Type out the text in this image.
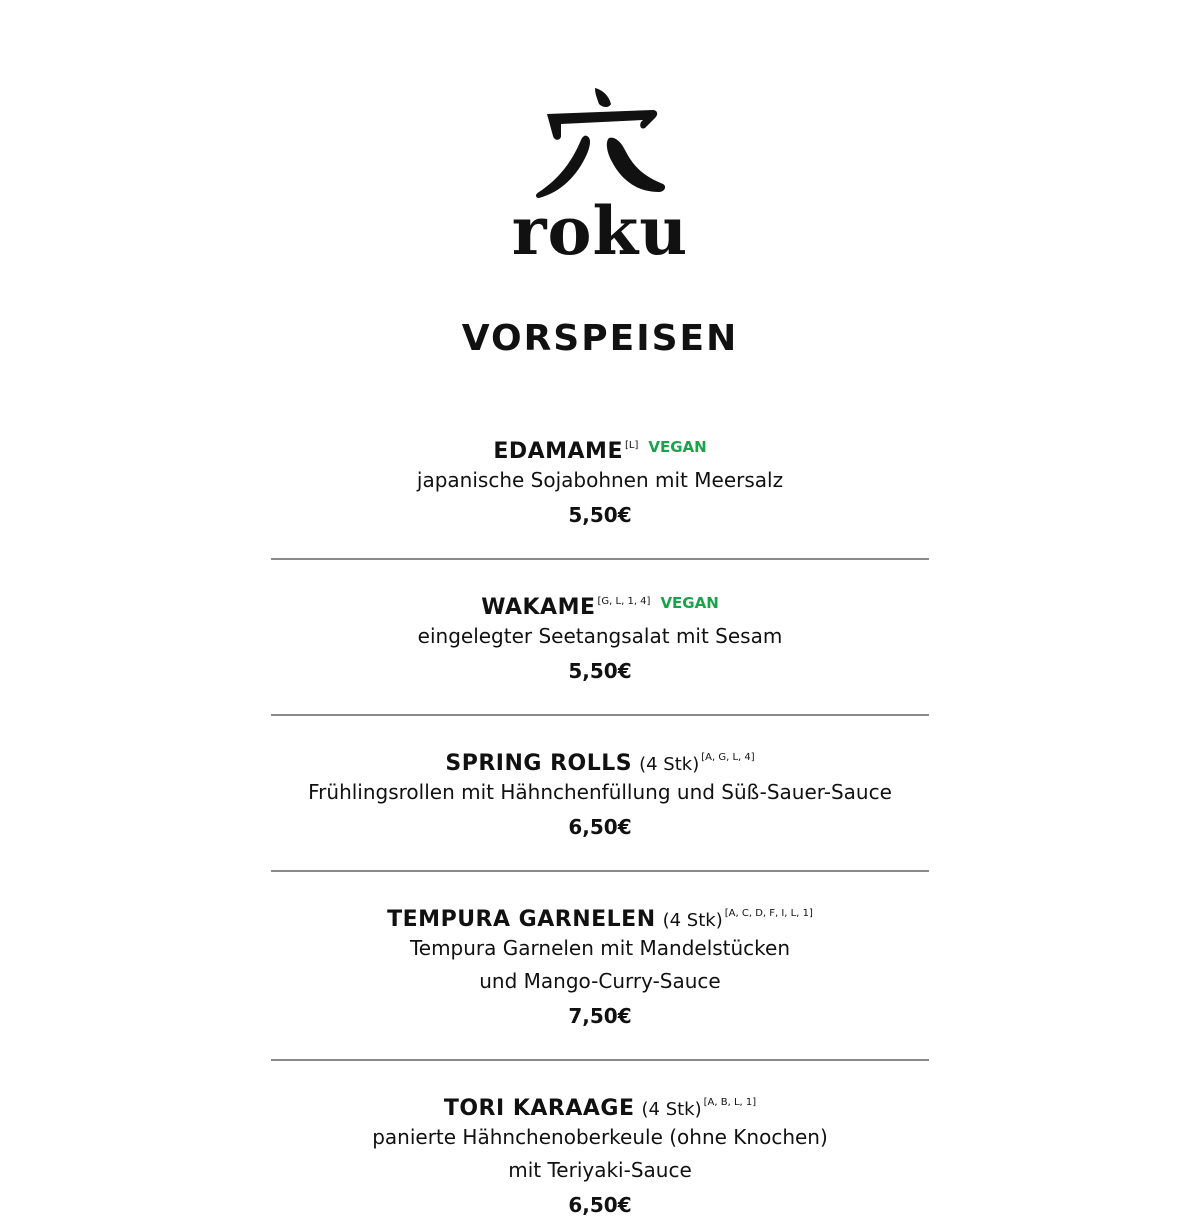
roku
VORSPEISEN
EDAMAME [L] $^{VEGAN}$
japanische Sojabohnen mit Meersalz
5,50€
WAKAME [G, L, 1, 4] $^{VEGAN}$
eingelegter Seetangsalat mit Sesam
5,50€
SPRING ROLLS (4 Stk) [A, G, L, 4]
Frühlingsrollen mit Hähnchenfüllung und Süß-Sauer-Sauce
6,50€
TEMPURA GARNELEN (4 Stk) [A, C, D, F, I, L, 1]
Tempura Garnelen mit Mandelstücken
und Mango-Curry-Sauce
7,50€
TORI KARAAGE (4 Stk) [A, B, L, 1]
panierte Hähnchenoberkeule (ohne Knochen)
mit Teriyaki-Sauce
6,50€
